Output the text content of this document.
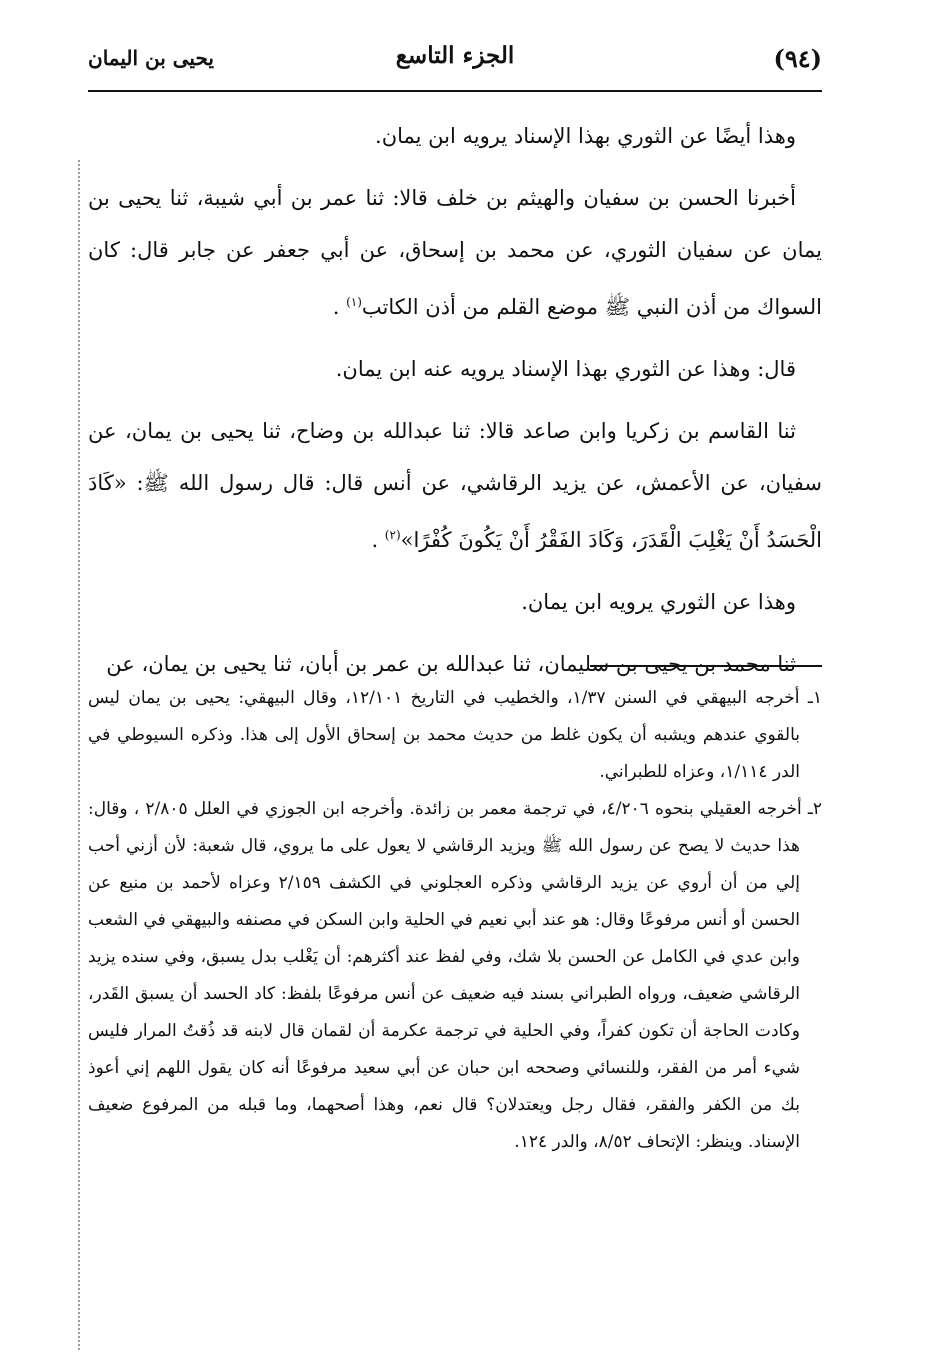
(٩٤)
الجزء التاسع
يحيى بن اليمان

وهذا أيضًا عن الثوري بهذا الإسناد يرويه ابن يمان.

أخبرنا الحسن بن سفيان والهيثم بن خلف قالا: ثنا عمر بن أبي شيبة، ثنا يحيى بن يمان عن سفيان الثوري، عن محمد بن إسحاق، عن أبي جعفر عن جابر قال: كان السواك من أذن النبي ﷺ موضع القلم من أذن الكاتب$^{(١)}$ .

قال: وهذا عن الثوري بهذا الإسناد يرويه عنه ابن يمان.

ثنا القاسم بن زكريا وابن صاعد قالا: ثنا عبدالله بن وضاح، ثنا يحيى بن يمان، عن سفيان، عن الأعمش، عن يزيد الرقاشي، عن أنس قال: قال رسول الله ﷺ: «كَادَ الْحَسَدُ أَنْ يَغْلِبَ الْقَدَرَ، وَكَادَ الفَقْرُ أَنْ يَكُونَ كُفْرًا»$^{(٢)}$ .

وهذا عن الثوري يرويه ابن يمان.

ثنا محمد بن يحيى بن سليمان، ثنا عبدالله بن عمر بن أبان، ثنا يحيى بن يمان، عن

١ـ أخرجه البيهقي في السنن ١/٣٧، والخطيب في التاريخ ١٢/١٠١، وقال البيهقي: يحيى بن يمان ليس بالقوي عندهم ويشبه أن يكون غلط من حديث محمد بن إسحاق الأول إلى هذا. وذكره السيوطي في الدر ١/١١٤، وعزاه للطبراني.

٢ـ أخرجه العقيلي بنحوه ٤/٢٠٦، في ترجمة معمر بن زائدة. وأخرجه ابن الجوزي في العلل ٢/٨٠٥ ، وقال: هذا حديث لا يصح عن رسول الله ﷺ ويزيد الرقاشي لا يعول على ما يروي، قال شعبة: لأن أزني أحب إلي من أن أروي عن يزيد الرقاشي وذكره العجلوني في الكشف ٢/١٥٩ وعزاه لأحمد بن منيع عن الحسن أو أنس مرفوعًا وقال: هو عند أبي نعيم في الحلية وابن السكن في مصنفه والبيهقي في الشعب وابن عدي في الكامل عن الحسن بلا شك، وفي لفظ عند أكثرهم: أن يَغْلب بدل يسبق، وفي سنده يزيد الرقاشي ضعيف، ورواه الطبراني بسند فيه ضعيف عن أنس مرفوعًا بلفظ: كاد الحسد أن يسبق القَدر، وكادت الحاجة أن تكون كفراً، وفي الحلية في ترجمة عكرمة أن لقمان قال لابنه قد ذُقتُ المرار فليس شيء أمر من الفقر، وللنسائي وصححه ابن حبان عن أبي سعيد مرفوعًا أنه كان يقول اللهم إني أعوذ بك من الكفر والفقر، فقال رجل ويعتدلان؟ قال نعم، وهذا أصحهما، وما قبله من المرفوع ضعيف الإسناد. وينظر: الإتحاف ٨/٥٢، والدر ١٢٤.
